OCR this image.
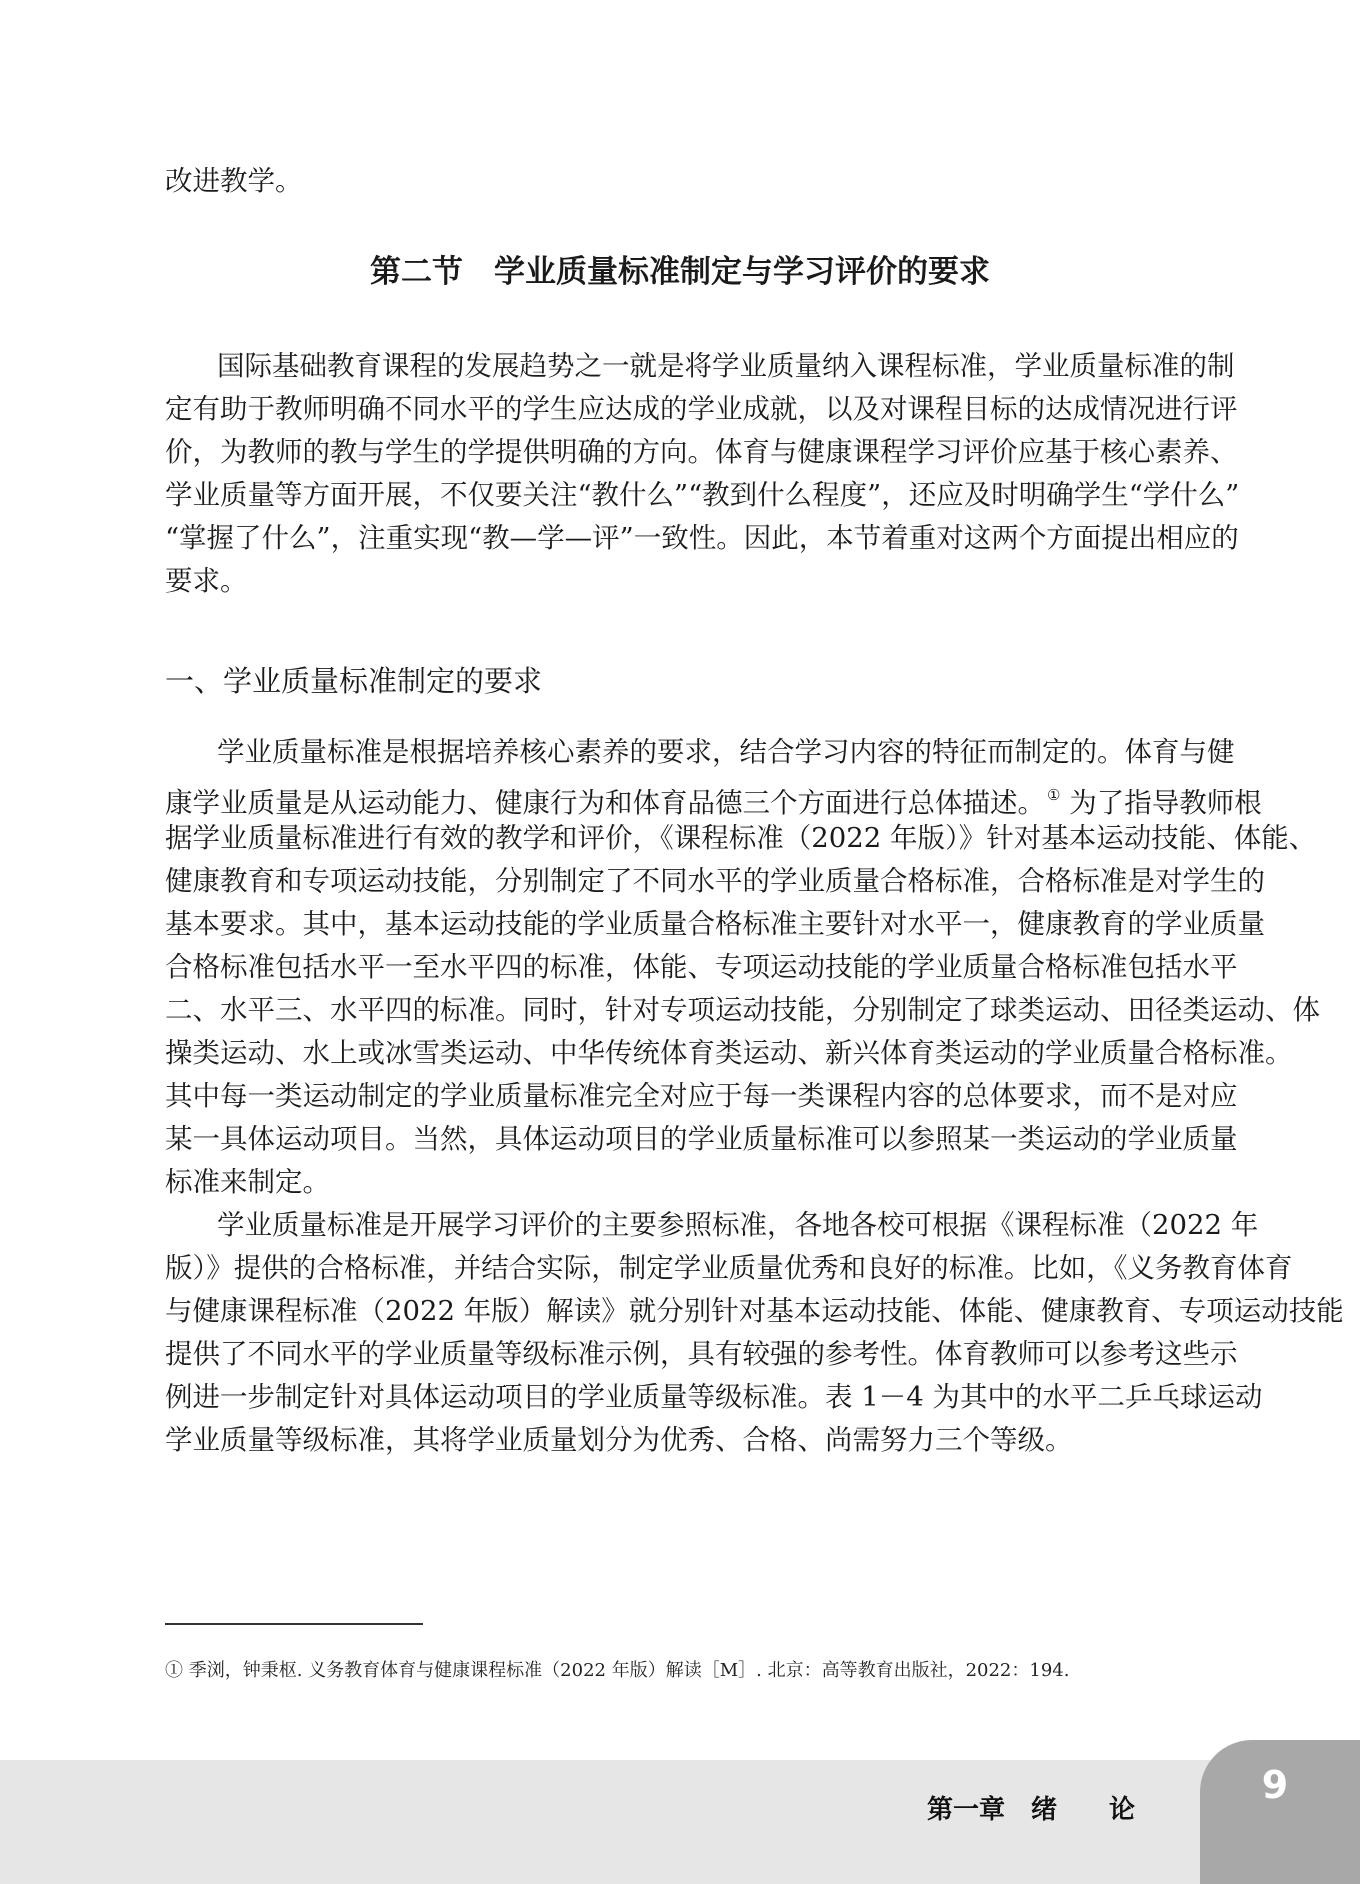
改进教学。
第二节　学业质量标准制定与学习评价的要求
国际基础教育课程的发展趋势之一就是将学业质量纳入课程标准，学业质量标准的制
定有助于教师明确不同水平的学生应达成的学业成就，以及对课程目标的达成情况进行评
价，为教师的教与学生的学提供明确的方向。体育与健康课程学习评价应基于核心素养、
学业质量等方面开展，不仅要关注“教什么”“教到什么程度”，还应及时明确学生“学什么”
“掌握了什么”，注重实现“教—学—评”一致性。因此，本节着重对这两个方面提出相应的
要求。
一、学业质量标准制定的要求
学业质量标准是根据培养核心素养的要求，结合学习内容的特征而制定的。体育与健
康学业质量是从运动能力、健康行为和体育品德三个方面进行总体描述。 ① 为了指导教师根
据学业质量标准进行有效的教学和评价，《课程标准（2022 年版）》针对基本运动技能、体能、
健康教育和专项运动技能，分别制定了不同水平的学业质量合格标准，合格标准是对学生的
基本要求。其中，基本运动技能的学业质量合格标准主要针对水平一，健康教育的学业质量
合格标准包括水平一至水平四的标准，体能、专项运动技能的学业质量合格标准包括水平
二、水平三、水平四的标准。同时，针对专项运动技能，分别制定了球类运动、田径类运动、体
操类运动、水上或冰雪类运动、中华传统体育类运动、新兴体育类运动的学业质量合格标准。
其中每一类运动制定的学业质量标准完全对应于每一类课程内容的总体要求，而不是对应
某一具体运动项目。当然，具体运动项目的学业质量标准可以参照某一类运动的学业质量
标准来制定。
学业质量标准是开展学习评价的主要参照标准，各地各校可根据《课程标准（2022 年
版）》提供的合格标准，并结合实际，制定学业质量优秀和良好的标准。比如，《义务教育体育
与健康课程标准（2022 年版）解读》就分别针对基本运动技能、体能、健康教育、专项运动技能
提供了不同水平的学业质量等级标准示例，具有较强的参考性。体育教师可以参考这些示
例进一步制定针对具体运动项目的学业质量等级标准。表 1－4 为其中的水平二乒乓球运动
学业质量等级标准，其将学业质量划分为优秀、合格、尚需努力三个等级。
① 季浏，钟秉枢. 义务教育体育与健康课程标准（2022 年版）解读［M］. 北京：高等教育出版社，2022：194.
第一章　绪　　论
9
